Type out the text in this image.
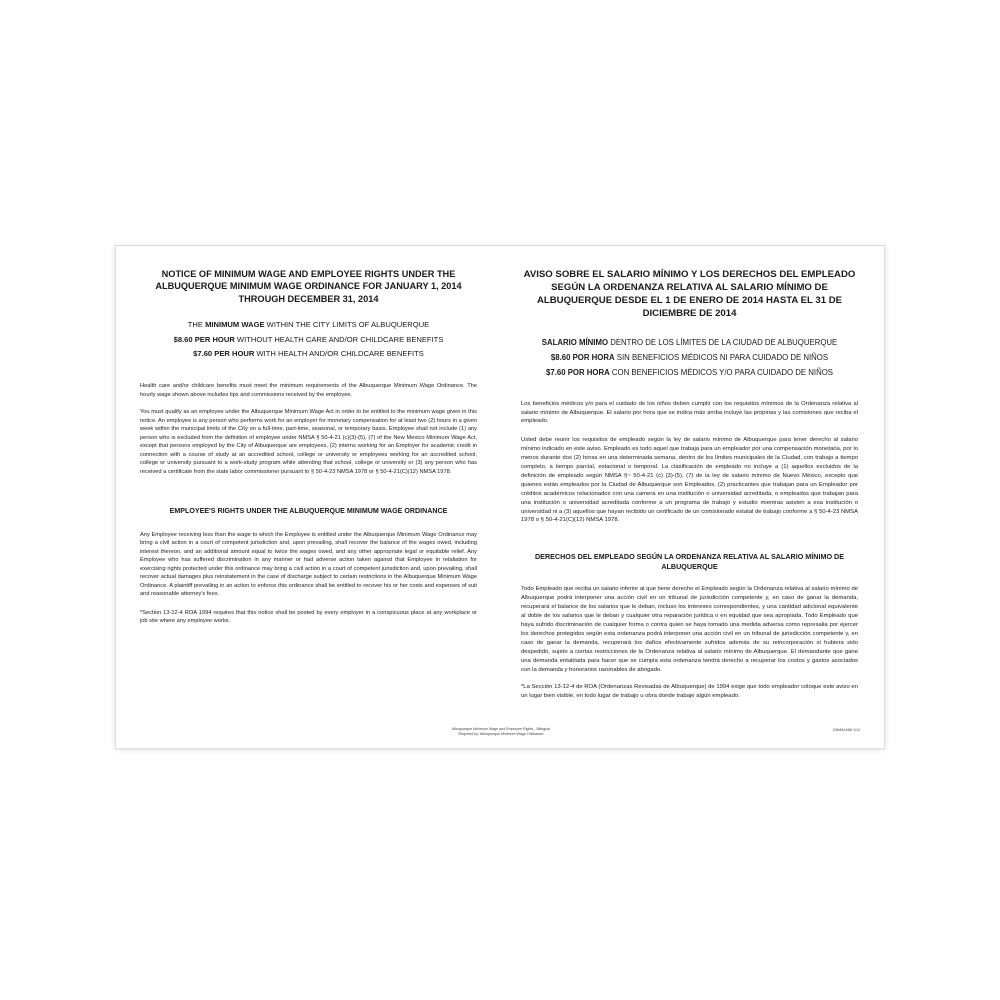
NOTICE OF MINIMUM WAGE AND EMPLOYEE RIGHTS UNDER THE ALBUQUERQUE MINIMUM WAGE ORDINANCE FOR JANUARY 1, 2014 THROUGH DECEMBER 31, 2014
THE MINIMUM WAGE WITHIN THE CITY LIMITS OF ALBUQUERQUE
$8.60 PER HOUR WITHOUT HEALTH CARE AND/OR CHILDCARE BENEFITS
$7.60 PER HOUR WITH HEALTH AND/OR CHILDCARE BENEFITS

Health care and/or childcare benefits must meet the minimum requirements of the Albuquerque Minimum Wage Ordinance. The hourly wage shown above includes tips and commissions received by the employee.

You must qualify as an employee under the Albuquerque Minimum Wage Act in order to be entitled to the minimum wage given in this notice. An employee is any person who performs work for an employer for monetary compensation for at least two (2) hours in a given week within the municipal limits of the City on a full-time, part-time, seasonal, or temporary basis. Employee shall not include (1) any person who is excluded from the definition of employee under NMSA § 50-4-21 (c)(3)-(5), (7) of the New Mexico Minimum Wage Act, except that persons employed by the City of Albuquerque are employees, (2) interns working for an Employer for academic credit in connection with a course of study at an accredited school, college or university or employees working for an accredited school, college or university pursuant to a work-study program while attending that school, college or university or (3) any person who has received a certificate from the state labor commissioner pursuant to § 50-4-23 NMSA 1978 or § 50-4-21(C)(12) NMSA 1978.

EMPLOYEE'S RIGHTS UNDER THE ALBUQUERQUE MINIMUM WAGE ORDINANCE

Any Employee receiving less than the wage to which the Employee is entitled under the Albuquerque Minimum Wage Ordinance may bring a civil action in a court of competent jurisdiction and, upon prevailing, shall recover the balance of the wages owed, including interest thereon, and an additional amount equal to twice the wages owed, and any other appropriate legal or equitable relief. Any Employee who has suffered discrimination in any manner or had adverse action taken against that Employee in retaliation for exercising rights protected under this ordinance may bring a civil action in a court of competent jurisdiction and, upon prevailing, shall recover actual damages plus reinstatement in the case of discharge subject to certain restrictions in the Albuquerque Minimum Wage Ordinance. A plaintiff prevailing in an action to enforce this ordinance shall be entitled to recover his or her costs and expenses of suit and reasonable attorney's fees.

*Section 13-12-4 ROA 1994 requires that this notice shall be posted by every employer in a conspicuous place at any workplace or job site where any employee works.

AVISO SOBRE EL SALARIO MÍNIMO Y LOS DERECHOS DEL EMPLEADO SEGÚN LA ORDENANZA RELATIVA AL SALARIO MÍNIMO DE ALBUQUERQUE DESDE EL 1 DE ENERO DE 2014 HASTA EL 31 DE DICIEMBRE DE 2014
SALARIO MÍNIMO DENTRO DE LOS LÍMITES DE LA CIUDAD DE ALBUQUERQUE
$8.60 POR HORA SIN BENEFICIOS MÉDICOS NI PARA CUIDADO DE NIÑOS
$7.60 POR HORA CON BENEFICIOS MÉDICOS Y/O PARA CUIDADO DE NIÑOS

Los beneficios médicos y/o para el cuidado de los niños deben cumplir con los requisitos mínimos de la Ordenanza relativa al salario mínimo de Albuquerque. El salario por hora que se indica más arriba incluye las propinas y las comisiones que reciba el empleado.

Usted debe reunir los requisitos de empleado según la ley de salario mínimo de Albuquerque para tener derecho al salario mínimo indicado en este aviso. Empleado es todo aquel que trabaja para un empleador por una compensación monetaria, por lo menos durante dos (2) horas en una determinada semana, dentro de los límites municipales de la Ciudad, con trabajo a tiempo completo, a tiempo parcial, estacional o temporal. La clasificación de empleado no incluye a (1) aquellos excluidos de la definición de empleado según NMSA §~ 50-4-21 (c) (3)-(5), (7) de la ley de salario mínimo de Nuevo México, excepto que quienes están empleados por la Ciudad de Albuquerque son Empleados, (2) practicantes que trabajan para un Empleador por créditos académicos relacionados con una camera en una institución o universidad acreditada, o empleados que trabajan para una institución o universidad acreditada conforme a un programa de trabajo y estudio mientras asisten a esa institución o universidad ni a (3) aquellos que hayan recibido un certificado de un comisionado estatal de trabajo conforme a § 50-4-23 NMSA 1978 o § 50-4-21(C)(12) NMSA 1978.

DERECHOS DEL EMPLEADO SEGÚN LA ORDENANZA RELATIVA AL SALARIO MÍNIMO DE ALBUQUERQUE

Todo Empleado que reciba un salario inferior al que tiene derecho el Empleado según la Ordenanza relativa al salario mínimo de Albuquerque podrá interponer una acción civil en un tribunal de jurisdicción competente y, en caso de ganar la demanda, recuperará el balance de los salarios que le deban, incluso los intereses correspondientes, y una cantidad adicional equivalente al doble de los salarios que le deban y cualquier otra reparación jurídica o en equidad que sea apropiada. Todo Empleado que haya sufrido discriminación de cualquier forma o contra quien se haya tomado una medida adversa como represalia por ejercer los derechos protegidos según esta ordenanza podrá interponer una acción civil en un tribunal de jurisdicción competente y, en caso de ganar la demanda, recuperará los daños efectivamente sufridos además de su reincorporación si hubiera sido despedido, sujeto a ciertas restricciones de la Ordenanza relativa al salario mínimo de Albuquerque. El demandante que gane una demanda entablada para hacer que se cumpla esta ordenanza tendrá derecho a recuperar los costos y gastos asociados con la demanda y honorarios razonables de abogado.

*La Sección 13-12-4 de ROA (Ordenanzas Revisadas de Albuquerque) de 1994 exige que todo empleador coloque este aviso en un lugar bien visible, en todo lugar de trabajo u obra donde trabaje algún empleado.

Albuquerque Minimum Wage and Employee Rights - Bilingual
Required by: Albuquerque Minimum Wage Ordinance
ENMALMW 1/14
